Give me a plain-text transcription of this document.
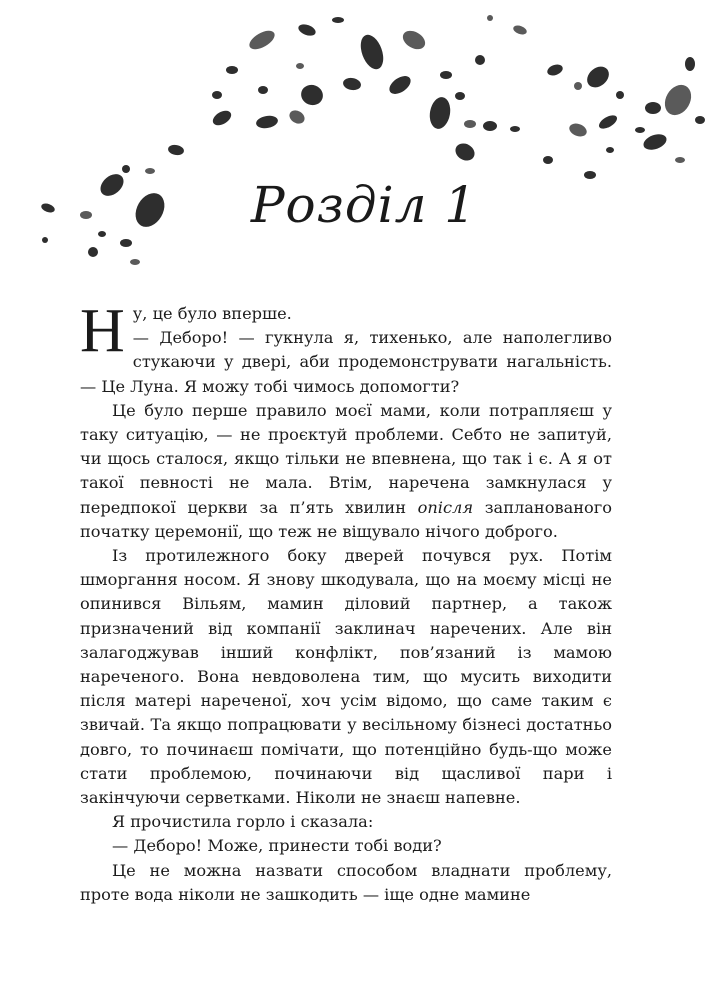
Розділ 1

Ну, це було вперше.
— Деборо! — гукнула я, тихенько, але наполегливо стукаючи у двері, аби продемонструвати нагальність. — Це Луна. Я можу тобі чимось допомогти?

Це було перше правило моєї мами, коли потрапляєш у таку ситуацію, — не проєктуй проблеми. Себто не запитуй, чи щось сталося, якщо тільки не впевнена, що так і є. А я от такої певності не мала. Втім, наречена замкнулася у передпокої церкви за п’ять хвилин опісля запланованого початку церемонії, що теж не віщувало нічого доброго.

Із протилежного боку дверей почувся рух. Потім шморгання носом. Я знову шкодувала, що на моєму місці не опинився Вільям, мамин діловий партнер, а також призначений від компанії заклинач наречених. Але він залагоджував інший конфлікт, пов’язаний із мамою нареченого. Вона невдоволена тим, що мусить виходити після матері нареченої, хоч усім відомо, що саме таким є звичай. Та якщо попрацювати у весільному бізнесі достатньо довго, то починаєш помічати, що потенційно будь-що може стати проблемою, починаючи від щасливої пари і закінчуючи серветками. Ніколи не знаєш напевне.

Я прочистила горло і сказала:

— Деборо! Може, принести тобі води?

Це не можна назвати способом владнати проблему, проте вода ніколи не зашкодить — іще одне мамине
